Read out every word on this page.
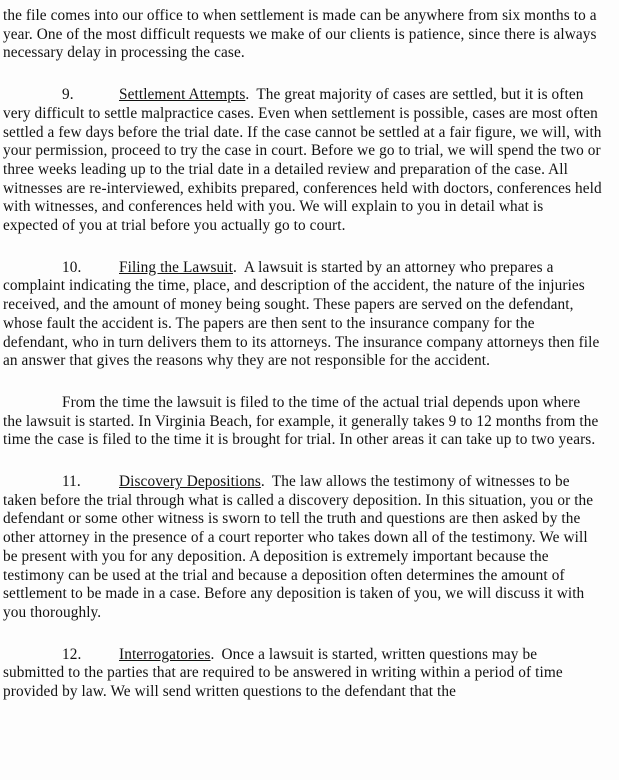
the file comes into our office to when settlement is made can be anywhere from six months to a year. One of the most difficult requests we make of our clients is patience, since there is always necessary delay in processing the case.

9.	Settlement Attempts. The great majority of cases are settled, but it is often very difficult to settle malpractice cases. Even when settlement is possible, cases are most often settled a few days before the trial date. If the case cannot be settled at a fair figure, we will, with your permission, proceed to try the case in court. Before we go to trial, we will spend the two or three weeks leading up to the trial date in a detailed review and preparation of the case. All witnesses are re-interviewed, exhibits prepared, conferences held with doctors, conferences held with witnesses, and conferences held with you. We will explain to you in detail what is expected of you at trial before you actually go to court.

10. Filing the Lawsuit. A lawsuit is started by an attorney who prepares a complaint indicating the time, place, and description of the accident, the nature of the injuries received, and the amount of money being sought. These papers are served on the defendant, whose fault the accident is. The papers are then sent to the insurance company for the defendant, who in turn delivers them to its attorneys. The insurance company attorneys then file an answer that gives the reasons why they are not responsible for the accident.

From the time the lawsuit is filed to the time of the actual trial depends upon where the lawsuit is started. In Virginia Beach, for example, it generally takes 9 to 12 months from the time the case is filed to the time it is brought for trial. In other areas it can take up to two years.

11. Discovery Depositions. The law allows the testimony of witnesses to be taken before the trial through what is called a discovery deposition. In this situation, you or the defendant or some other witness is sworn to tell the truth and questions are then asked by the other attorney in the presence of a court reporter who takes down all of the testimony. We will be present with you for any deposition. A deposition is extremely important because the testimony can be used at the trial and because a deposition often determines the amount of settlement to be made in a case. Before any deposition is taken of you, we will discuss it with you thoroughly.

12. Interrogatories. Once a lawsuit is started, written questions may be submitted to the parties that are required to be answered in writing within a period of time provided by law. We will send written questions to the defendant that the
